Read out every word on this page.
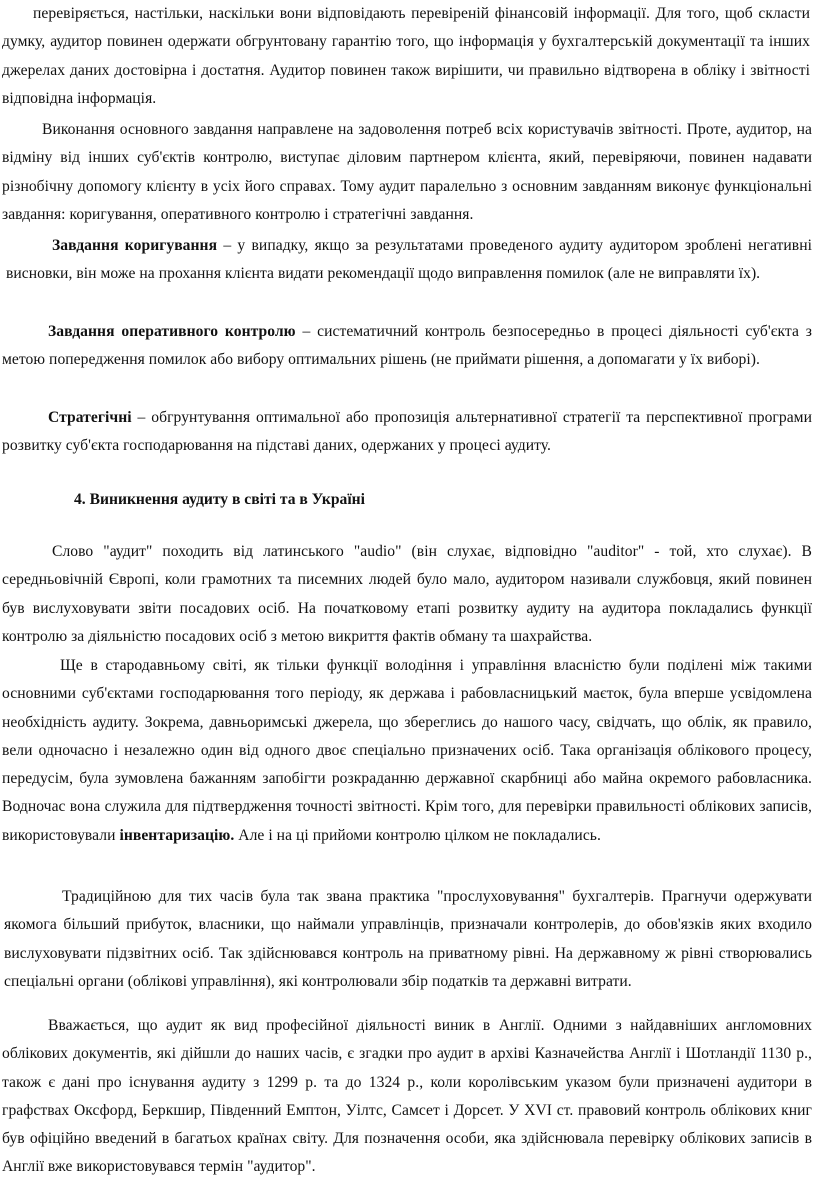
перевіряється, настільки, наскільки вони відповідають перевіреній фінансовій інформації. Для того, щоб скласти думку, аудитор повинен одержати обгрунтовану гарантію того, що інформація у бухгалтерській документації та інших джерелах даних достовірна і достатня. Аудитор повинен також вирішити, чи правильно відтворена в обліку і звітності відповідна інформація.

Виконання основного завдання направлене на задоволення потреб всіх користувачів звітності. Проте, аудитор, на відміну від інших суб'єктів контролю, виступає діловим партнером клієнта, який, перевіряючи, повинен надавати різнобічну допомогу клієнту в усіх його справах. Тому аудит паралельно з основним завданням виконує функціональні завдання: коригування, оперативного контролю і стратегічні завдання.

Завдання коригування – у випадку, якщо за результатами проведеного аудиту аудитором зроблені негативні висновки, він може на прохання клієнта видати рекомендації щодо виправлення помилок (але не виправляти їх).

Завдання оперативного контролю – систематичний контроль безпосередньо в процесі діяльності суб'єкта з метою попередження помилок або вибору оптимальних рішень (не приймати рішення, а допомагати у їх виборі).

Стратегічні – обгрунтування оптимальної або пропозиція альтернативної стратегії та перспективної програми розвитку суб'єкта господарювання на підставі даних, одержаних у процесі аудиту.

4. Виникнення аудиту в світі та в Україні

Слово "аудит" походить від латинського "audio" (він слухає, відповідно "auditor" - той, хто слухає). В середньовічній Європі, коли грамотних та писемних людей було мало, аудитором називали службовця, який повинен був вислуховувати звіти посадових осіб. На початковому етапі розвитку аудиту на аудитора покладались функції контролю за діяльністю посадових осіб з метою викриття фактів обману та шахрайства.

Ще в стародавньому світі, як тільки функції володіння і управління власністю були поділені між такими основними суб'єктами господарювання того періоду, як держава і рабовласницький маєток, була вперше усвідомлена необхідність аудиту. Зокрема, давньоримські джерела, що збереглись до нашого часу, свідчать, що облік, як правило, вели одночасно і незалежно один від одного двоє спеціально призначених осіб. Така організація облікового процесу, передусім, була зумовлена бажанням запобігти розкраданню державної скарбниці або майна окремого рабовласника. Водночас вона служила для підтвердження точності звітності. Крім того, для перевірки правильності облікових записів, використовували інвентаризацію. Але і на ці прийоми контролю цілком не покладались.

Традиційною для тих часів була так звана практика "прослуховування" бухгалтерів. Прагнучи одержувати якомога більший прибуток, власники, що наймали управлінців, призначали контролерів, до обов'язків яких входило вислуховувати підзвітних осіб. Так здійснювався контроль на приватному рівні. На державному ж рівні створювались спеціальні органи (облікові управління), які контролювали збір податків та державні витрати.

Вважається, що аудит як вид професійної діяльності виник в Англії. Одними з найдавніших англомовних облікових документів, які дійшли до наших часів, є згадки про аудит в архіві Казначейства Англії і Шотландії 1130 р., також є дані про існування аудиту з 1299 р. та до 1324 р., коли королівським указом були призначені аудитори в графствах Оксфорд, Беркшир, Південний Емптон, Уілтс, Самсет і Дорсет. У XVI ст. правовий контроль облікових книг був офіційно введений в багатьох країнах світу. Для позначення особи, яка здійснювала перевірку облікових записів в Англії вже використовувався термін "аудитор".
